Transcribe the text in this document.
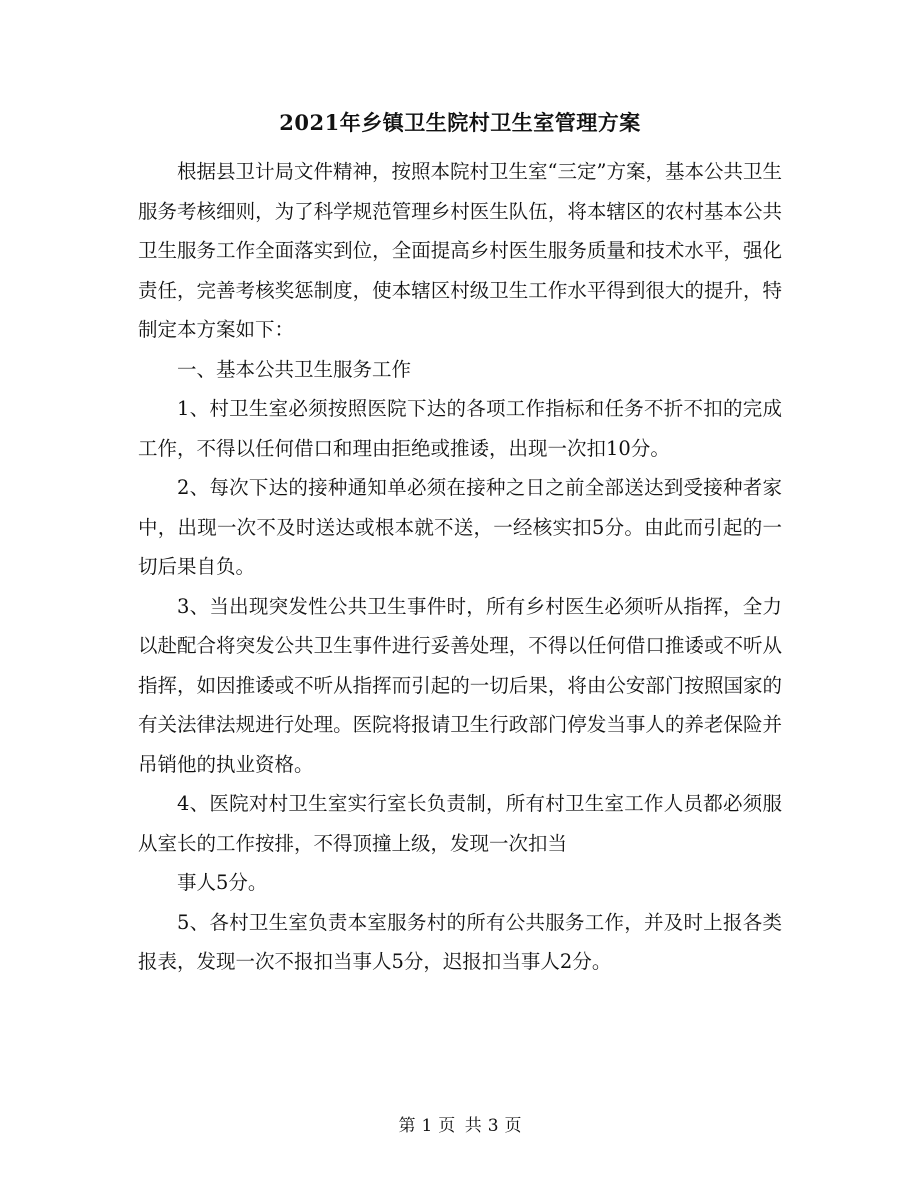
2021年乡镇卫生院村卫生室管理方案

根据县卫计局文件精神，按照本院村卫生室“三定”方案，基本公共卫生服务考核细则，为了科学规范管理乡村医生队伍，将本辖区的农村基本公共卫生服务工作全面落实到位，全面提高乡村医生服务质量和技术水平，强化责任，完善考核奖惩制度，使本辖区村级卫生工作水平得到很大的提升，特制定本方案如下：

一、基本公共卫生服务工作

1、村卫生室必须按照医院下达的各项工作指标和任务不折不扣的完成工作，不得以任何借口和理由拒绝或推诿，出现一次扣10分。

2、每次下达的接种通知单必须在接种之日之前全部送达到受接种者家中，出现一次不及时送达或根本就不送，一经核实扣5分。由此而引起的一切后果自负。

3、当出现突发性公共卫生事件时，所有乡村医生必须听从指挥，全力以赴配合将突发公共卫生事件进行妥善处理，不得以任何借口推诿或不听从指挥，如因推诿或不听从指挥而引起的一切后果，将由公安部门按照国家的有关法律法规进行处理。医院将报请卫生行政部门停发当事人的养老保险并吊销他的执业资格。

4、医院对村卫生室实行室长负责制，所有村卫生室工作人员都必须服从室长的工作按排，不得顶撞上级，发现一次扣当

事人5分。

5、各村卫生室负责本室服务村的所有公共服务工作，并及时上报各类报表，发现一次不报扣当事人5分，迟报扣当事人2分。

第 1 页 共 3 页
